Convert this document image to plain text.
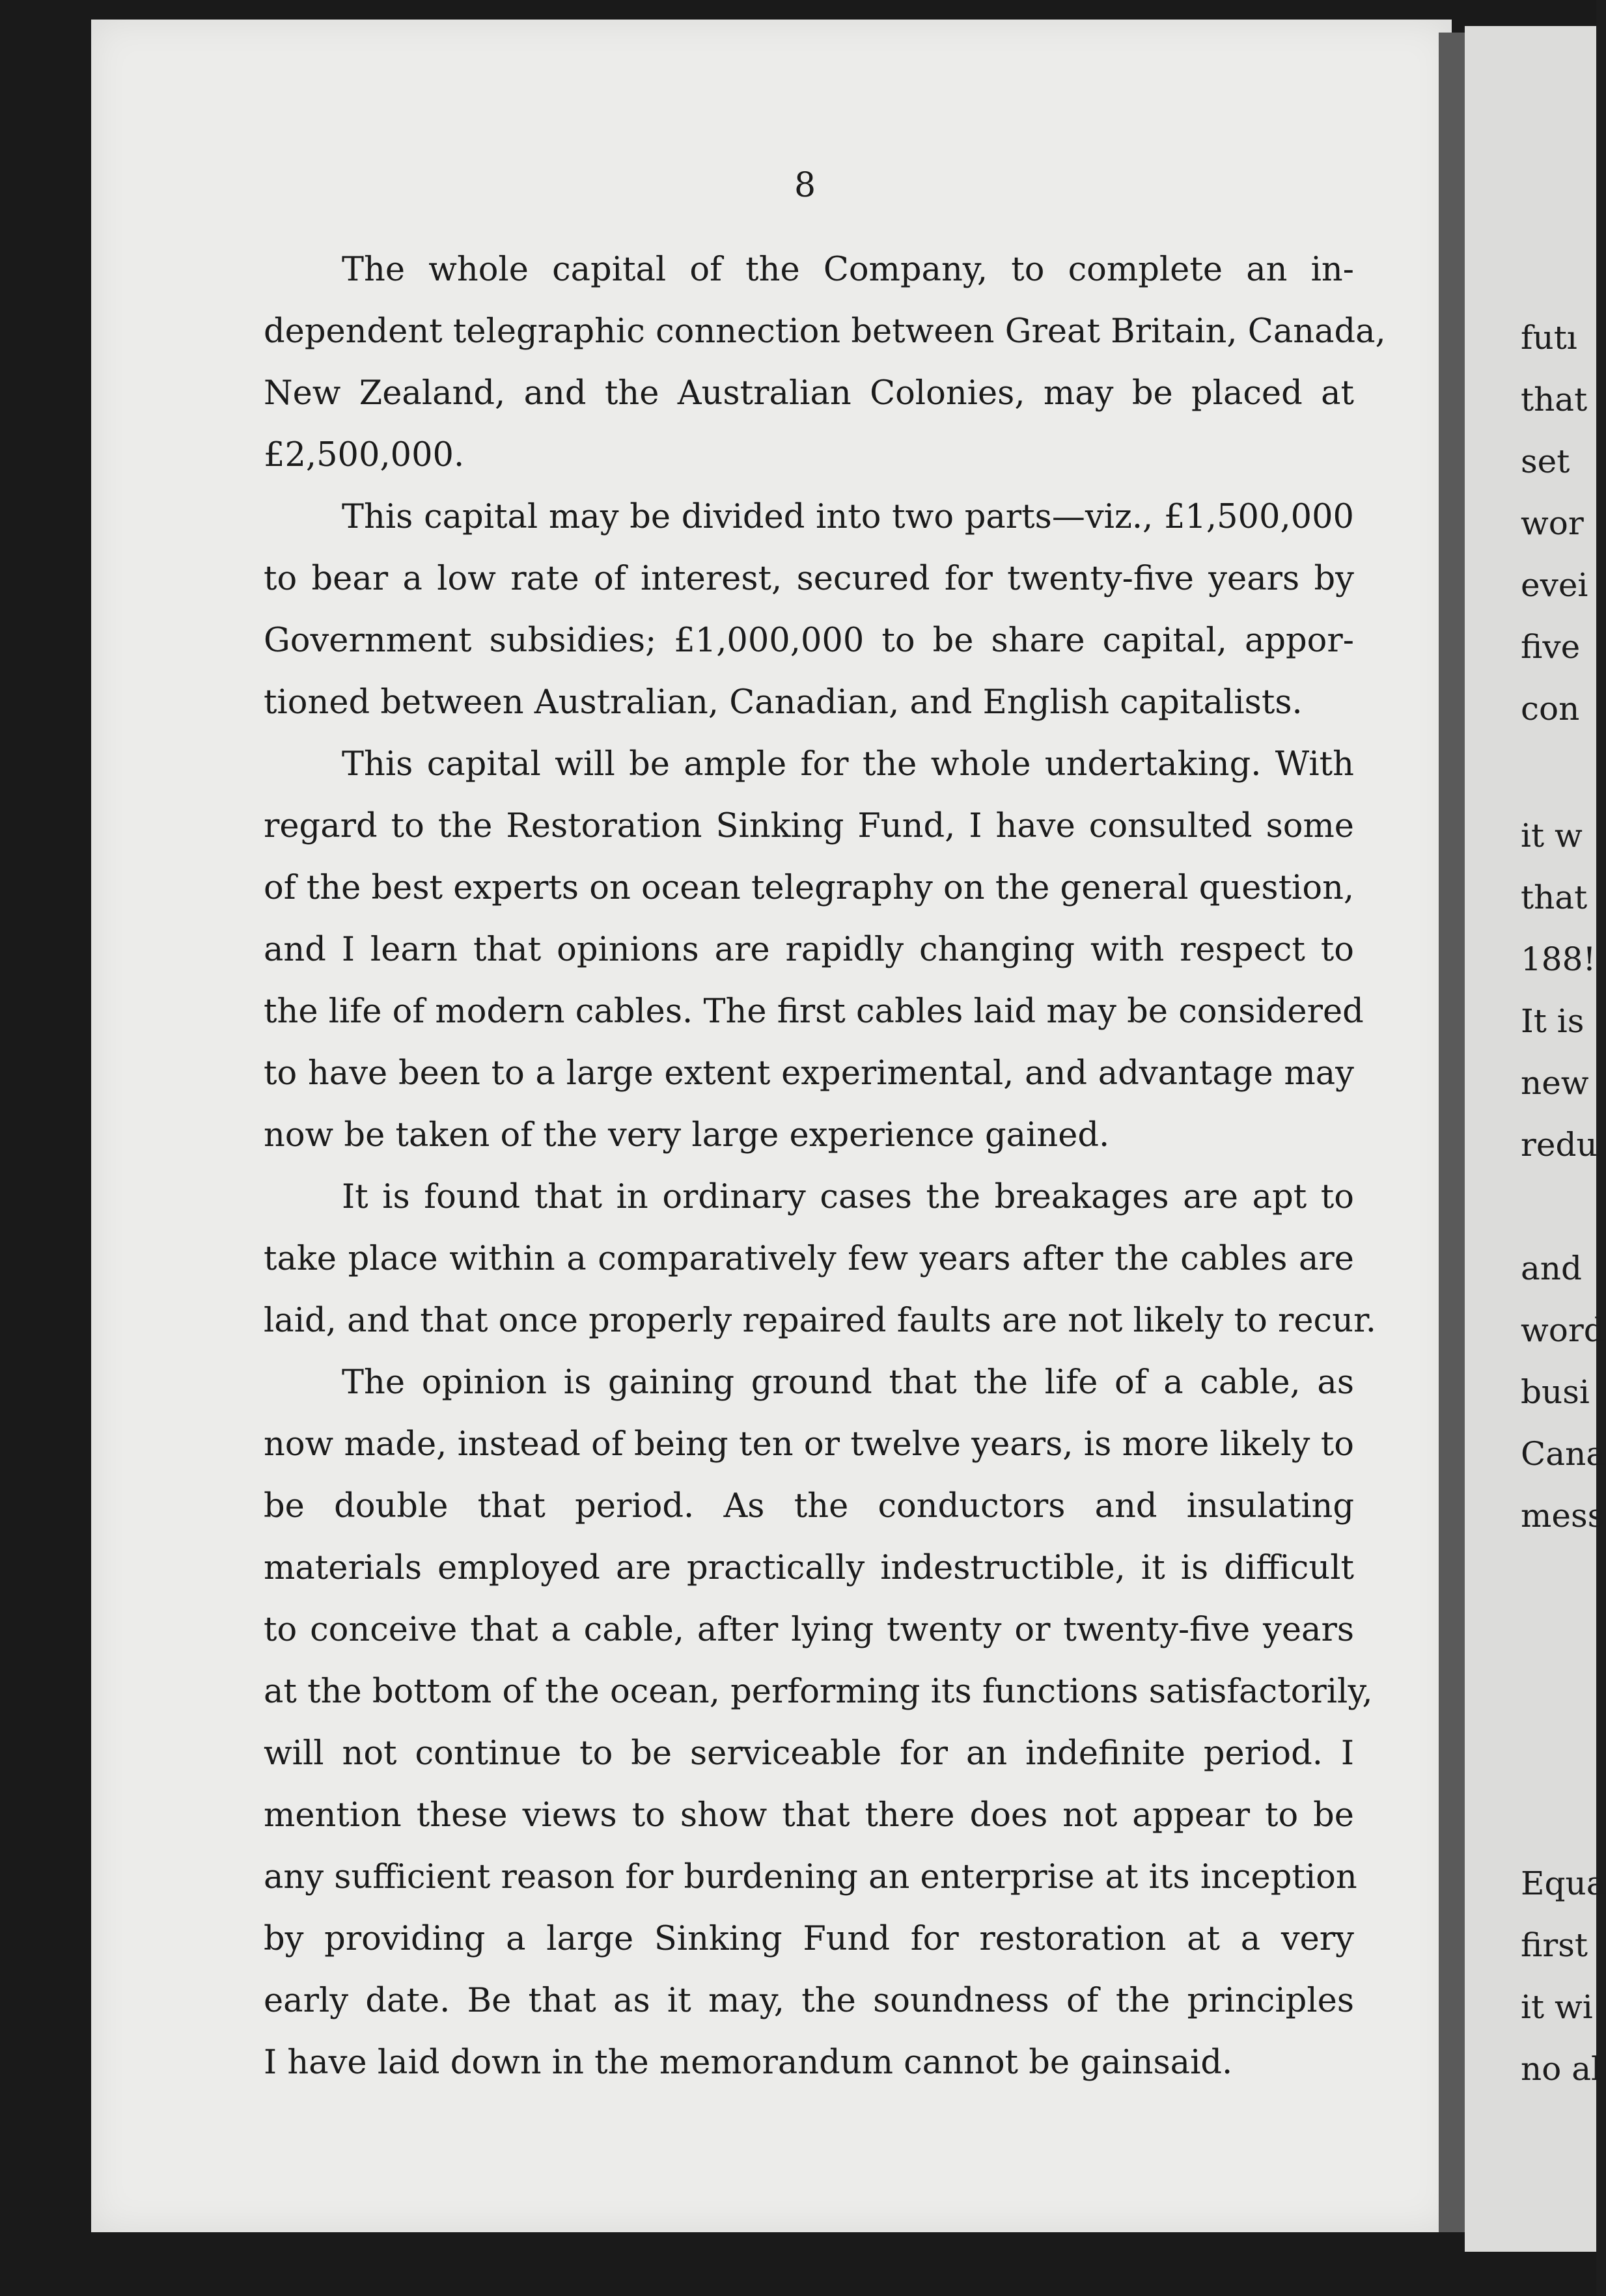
futı
that
set
wor
evei
five
con
it w
that
188!
It is
new
redu
and
word
busi
Cana
mess
Equa
first
it wi
no al
8
The whole capital of the Company, to complete an in-
dependent telegraphic connection between Great Britain, Canada,
New Zealand, and the Australian Colonies, may be placed at
£2,500,000.
This capital may be divided into two parts—viz., £1,500,000
to bear a low rate of interest, secured for twenty-five years by
Government subsidies; £1,000,000 to be share capital, appor-
tioned between Australian, Canadian, and English capitalists.
This capital will be ample for the whole undertaking. With
regard to the Restoration Sinking Fund, I have consulted some
of the best experts on ocean telegraphy on the general question,
and I learn that opinions are rapidly changing with respect to
the life of modern cables. The first cables laid may be considered
to have been to a large extent experimental, and advantage may
now be taken of the very large experience gained.
It is found that in ordinary cases the breakages are apt to
take place within a comparatively few years after the cables are
laid, and that once properly repaired faults are not likely to recur.
The opinion is gaining ground that the life of a cable, as
now made, instead of being ten or twelve years, is more likely to
be double that period. As the conductors and insulating
materials employed are practically indestructible, it is difficult
to conceive that a cable, after lying twenty or twenty-five years
at the bottom of the ocean, performing its functions satisfactorily,
will not continue to be serviceable for an indefinite period. I
mention these views to show that there does not appear to be
any sufficient reason for burdening an enterprise at its inception
by providing a large Sinking Fund for restoration at a very
early date. Be that as it may, the soundness of the principles
I have laid down in the memorandum cannot be gainsaid.
